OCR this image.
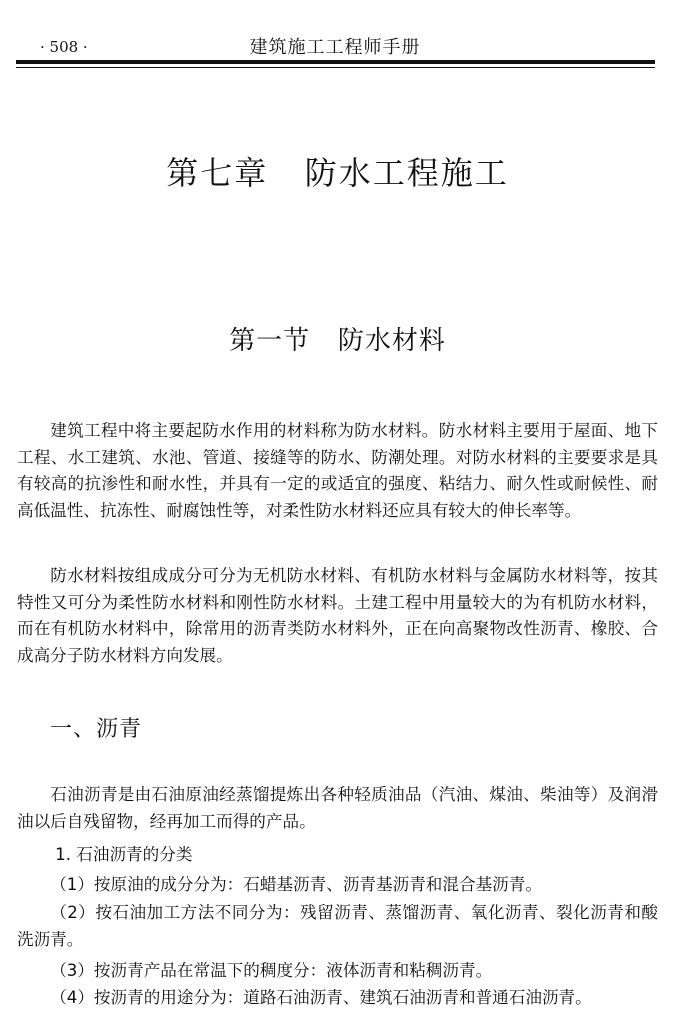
· 508 ·	建筑施工工程师手册
第七章   防水工程施工
第一节   防水材料

建筑工程中将主要起防水作用的材料称为防水材料。防水材料主要用于屋面、地下工程、水工建筑、水池、管道、接缝等的防水、防潮处理。对防水材料的主要要求是具有较高的抗渗性和耐水性，并具有一定的或适宜的强度、粘结力、耐久性或耐候性、耐高低温性、抗冻性、耐腐蚀性等，对柔性防水材料还应具有较大的伸长率等。

防水材料按组成成分可分为无机防水材料、有机防水材料与金属防水材料等，按其特性又可分为柔性防水材料和刚性防水材料。土建工程中用量较大的为有机防水材料，而在有机防水材料中，除常用的沥青类防水材料外，正在向高聚物改性沥青、橡胶、合成高分子防水材料方向发展。

一、沥青

石油沥青是由石油原油经蒸馏提炼出各种轻质油品（汽油、煤油、柴油等）及润滑油以后自残留物，经再加工而得的产品。

1. 石油沥青的分类

（1）按原油的成分分为：石蜡基沥青、沥青基沥青和混合基沥青。

（2）按石油加工方法不同分为：残留沥青、蒸馏沥青、氧化沥青、裂化沥青和酸洗沥青。

（3）按沥青产品在常温下的稠度分：液体沥青和粘稠沥青。

（4）按沥青的用途分为：道路石油沥青、建筑石油沥青和普通石油沥青。
